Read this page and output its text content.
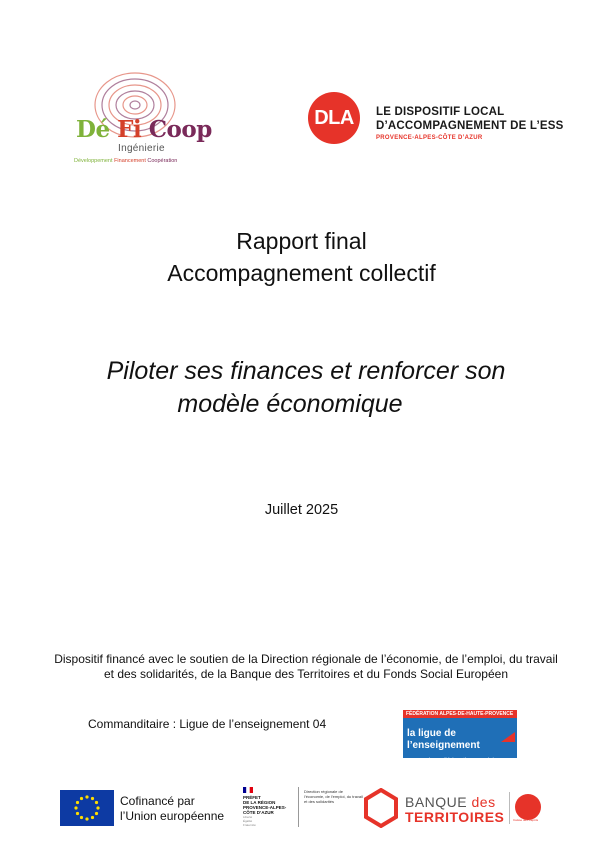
Dé Fi Coop
Ingénierie
Développement Financement Coopération
DLA	LE DISPOSITIF LOCAL
D’ACCOMPAGNEMENT DE L’ESS
PROVENCE-ALPES-CÔTE D’AZUR
Rapport final
Accompagnement collectif
Piloter ses finances et renforcer son
modèle économique
Juillet 2025
Dispositif financé avec le soutien de la Direction régionale de l’économie, de l’emploi, du travail et des solidarités, de la Banque des Territoires et du Fonds Social Européen
Commanditaire : Ligue de l’enseignement 04
FÉDÉRATION ALPES-DE-HAUTE-PROVENCE
la ligue de
l’enseignement
un avenir par l’éducation populaire
Cofinancé par
l’Union européenne
PRÉFET
DE LA RÉGION
PROVENCE-ALPES-
CÔTE D’AZUR
Liberté
Égalité
Fraternité
Direction régionale de l’économie, de l’emploi, du travail et des solidarités	BANQUE des
TERRITOIRES	Caisse des Dépôts
